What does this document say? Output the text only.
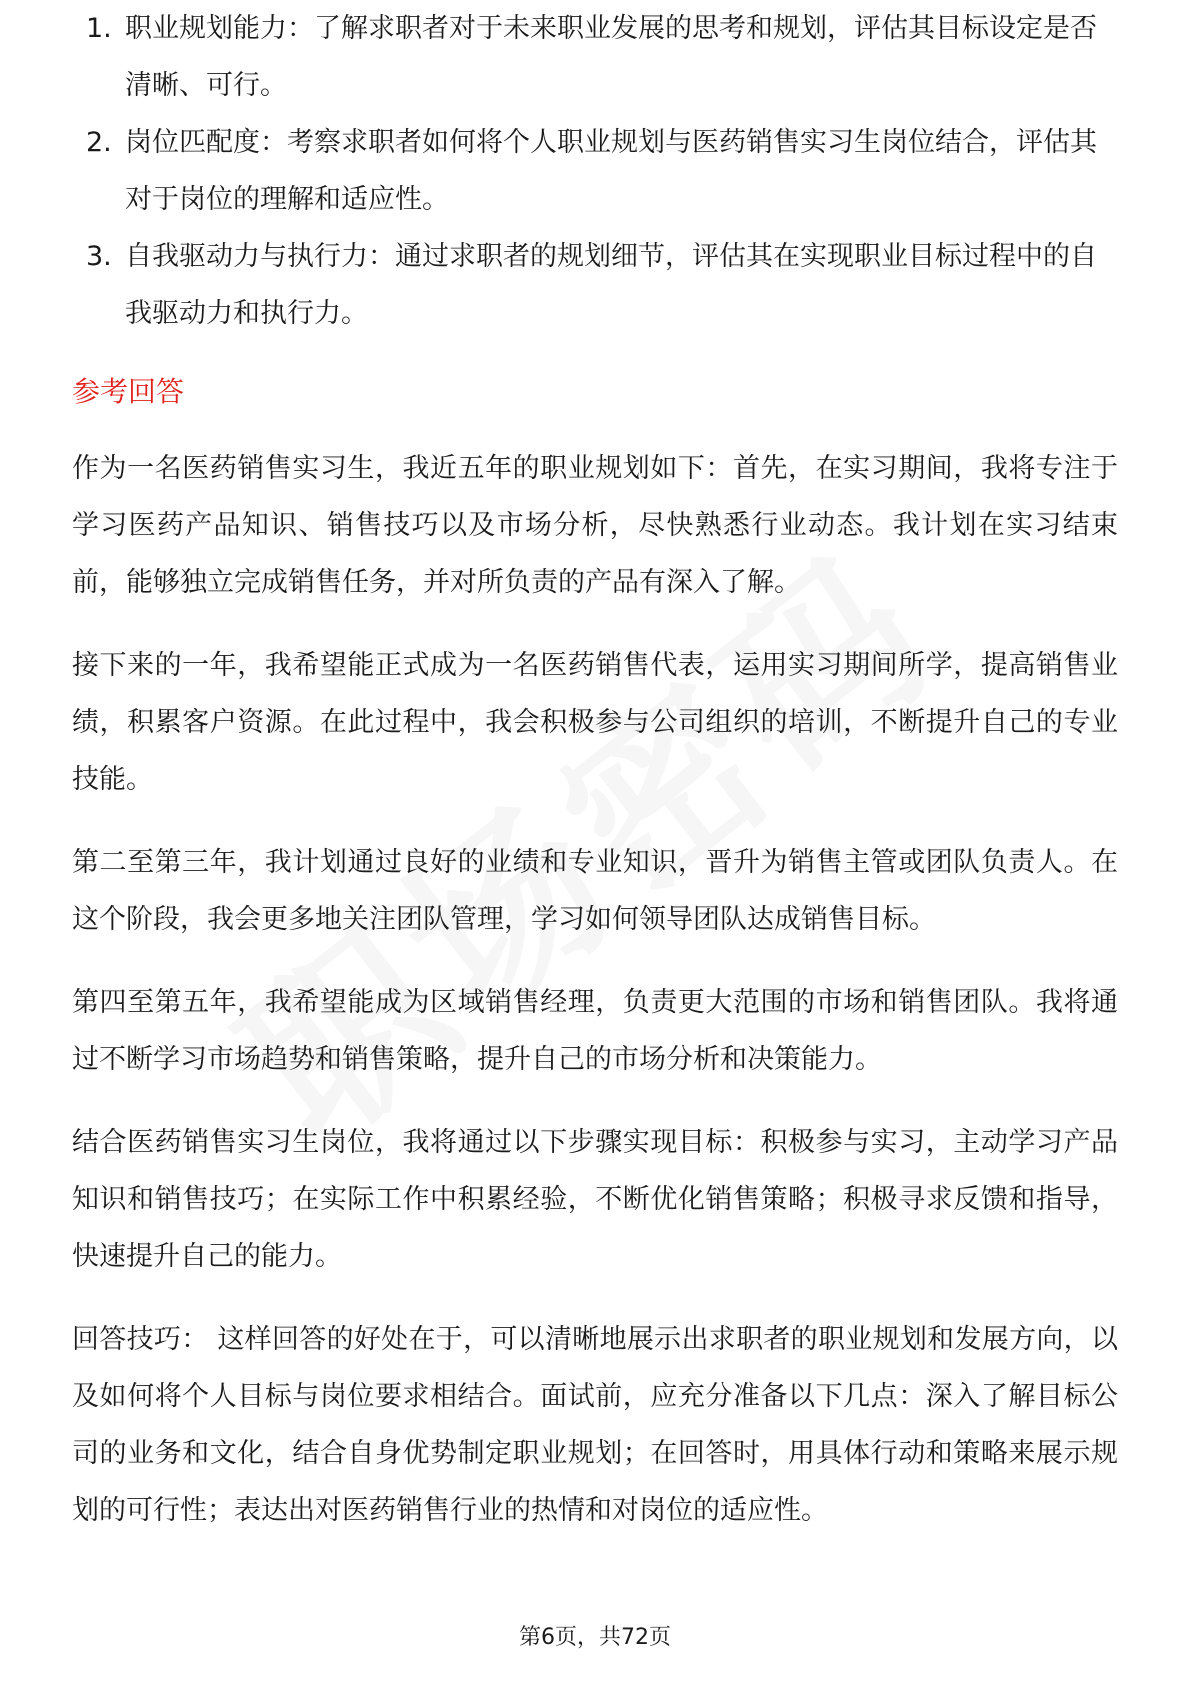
1. 职业规划能力：了解求职者对于未来职业发展的思考和规划，评估其目标设定是否清晰、可行。
2. 岗位匹配度：考察求职者如何将个人职业规划与医药销售实习生岗位结合，评估其对于岗位的理解和适应性。
3. 自我驱动力与执行力：通过求职者的规划细节，评估其在实现职业目标过程中的自我驱动力和执行力。
参考回答

作为一名医药销售实习生，我近五年的职业规划如下：首先，在实习期间，我将专注于学习医药产品知识、销售技巧以及市场分析，尽快熟悉行业动态。我计划在实习结束前，能够独立完成销售任务，并对所负责的产品有深入了解。

接下来的一年，我希望能正式成为一名医药销售代表，运用实习期间所学，提高销售业绩，积累客户资源。在此过程中，我会积极参与公司组织的培训，不断提升自己的专业技能。

第二至第三年，我计划通过良好的业绩和专业知识，晋升为销售主管或团队负责人。在这个阶段，我会更多地关注团队管理，学习如何领导团队达成销售目标。

第四至第五年，我希望能成为区域销售经理，负责更大范围的市场和销售团队。我将通过不断学习市场趋势和销售策略，提升自己的市场分析和决策能力。

结合医药销售实习生岗位，我将通过以下步骤实现目标：积极参与实习，主动学习产品知识和销售技巧；在实际工作中积累经验，不断优化销售策略；积极寻求反馈和指导，快速提升自己的能力。

回答技巧： 这样回答的好处在于，可以清晰地展示出求职者的职业规划和发展方向，以及如何将个人目标与岗位要求相结合。面试前，应充分准备以下几点：深入了解目标公司的业务和文化，结合自身优势制定职业规划；在回答时，用具体行动和策略来展示规划的可行性；表达出对医药销售行业的热情和对岗位的适应性。

第6页，共72页
